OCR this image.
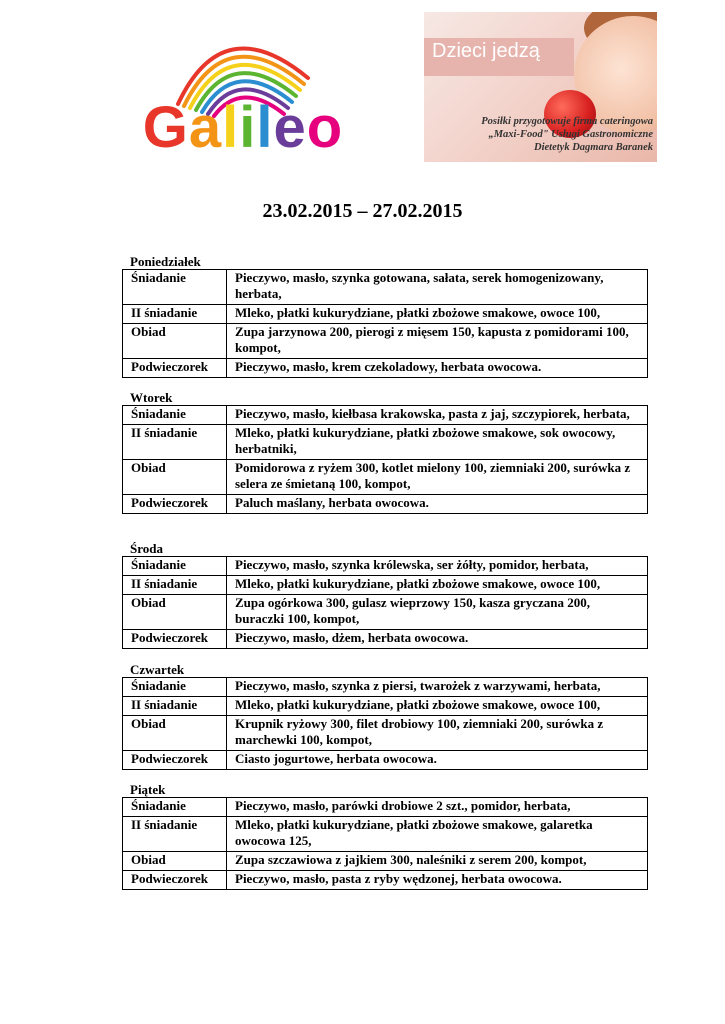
Galileo
Dzieci jedzą
Posiłki przygotowuje firma cateringowa
„Maxi-Food" Usługi Gastronomiczne
Dietetyk Dagmara Baranek
23.02.2015 – 27.02.2015
Poniedziałek
Śniadanie	Pieczywo, masło, szynka gotowana, sałata, serek homogenizowany, herbata,
II śniadanie	Mleko, płatki kukurydziane, płatki zbożowe smakowe, owoce 100,
Obiad	Zupa jarzynowa 200, pierogi z mięsem 150, kapusta z pomidorami 100, kompot,
Podwieczorek	Pieczywo, masło, krem czekoladowy, herbata owocowa.
Wtorek
Śniadanie	Pieczywo, masło, kiełbasa krakowska, pasta z jaj, szczypiorek, herbata,
II śniadanie	Mleko, płatki kukurydziane, płatki zbożowe smakowe, sok owocowy, herbatniki,
Obiad	Pomidorowa z ryżem 300, kotlet mielony 100, ziemniaki 200, surówka z selera ze śmietaną 100, kompot,
Podwieczorek	Paluch maślany, herbata owocowa.
Środa
Śniadanie	Pieczywo, masło, szynka królewska, ser żółty, pomidor, herbata,
II śniadanie	Mleko, płatki kukurydziane, płatki zbożowe smakowe, owoce 100,
Obiad	Zupa ogórkowa 300, gulasz wieprzowy 150, kasza gryczana 200, buraczki 100, kompot,
Podwieczorek	Pieczywo, masło, dżem, herbata owocowa.
Czwartek
Śniadanie	Pieczywo, masło, szynka z piersi, twarożek z warzywami, herbata,
II śniadanie	Mleko, płatki kukurydziane, płatki zbożowe smakowe, owoce 100,
Obiad	Krupnik ryżowy 300, filet drobiowy 100, ziemniaki 200, surówka z marchewki 100, kompot,
Podwieczorek	Ciasto jogurtowe, herbata owocowa.
Piątek
Śniadanie	Pieczywo, masło, parówki drobiowe 2 szt., pomidor, herbata,
II śniadanie	Mleko, płatki kukurydziane, płatki zbożowe smakowe, galaretka owocowa 125,
Obiad	Zupa szczawiowa z jajkiem 300, naleśniki z serem 200, kompot,
Podwieczorek	Pieczywo, masło, pasta z ryby wędzonej, herbata owocowa.
